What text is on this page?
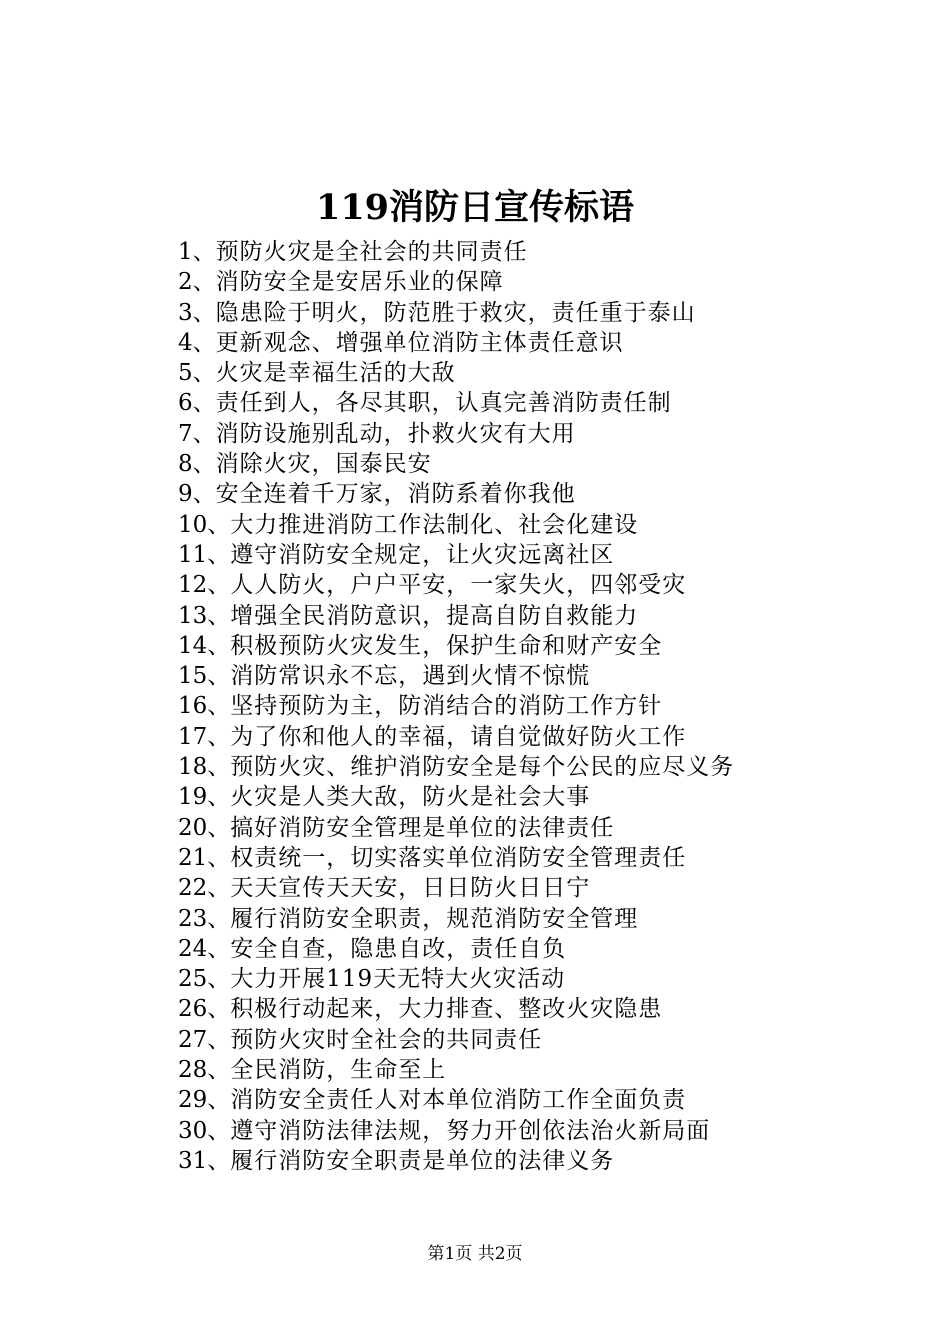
119消防日宣传标语
1、预防火灾是全社会的共同责任
2、消防安全是安居乐业的保障
3、隐患险于明火，防范胜于救灾，责任重于泰山
4、更新观念、增强单位消防主体责任意识
5、火灾是幸福生活的大敌
6、责任到人，各尽其职，认真完善消防责任制
7、消防设施别乱动，扑救火灾有大用
8、消除火灾，国泰民安
9、安全连着千万家，消防系着你我他
10、大力推进消防工作法制化、社会化建设
11、遵守消防安全规定，让火灾远离社区
12、人人防火，户户平安，一家失火，四邻受灾
13、增强全民消防意识，提高自防自救能力
14、积极预防火灾发生，保护生命和财产安全
15、消防常识永不忘，遇到火情不惊慌
16、坚持预防为主，防消结合的消防工作方针
17、为了你和他人的幸福，请自觉做好防火工作
18、预防火灾、维护消防安全是每个公民的应尽义务
19、火灾是人类大敌，防火是社会大事
20、搞好消防安全管理是单位的法律责任
21、权责统一，切实落实单位消防安全管理责任
22、天天宣传天天安，日日防火日日宁
23、履行消防安全职责，规范消防安全管理
24、安全自查，隐患自改，责任自负
25、大力开展119天无特大火灾活动
26、积极行动起来，大力排查、整改火灾隐患
27、预防火灾时全社会的共同责任
28、全民消防，生命至上
29、消防安全责任人对本单位消防工作全面负责
30、遵守消防法律法规，努力开创依法治火新局面
31、履行消防安全职责是单位的法律义务
第1页 共2页
